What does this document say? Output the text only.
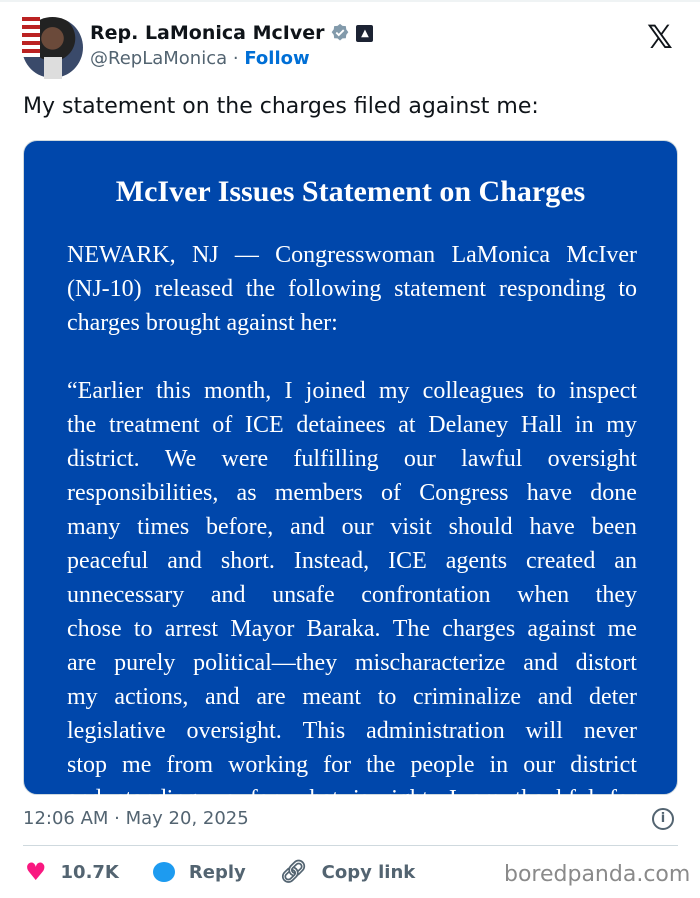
Rep. LaMonica McIver	▲
@RepLaMonica · Follow
𝕏
My statement on the charges filed against me:
McIver Issues Statement on Charges
NEWARK, NJ — Congresswoman LaMonica McIver
(NJ-10) released the following statement responding to
charges brought against her:
“Earlier this month, I joined my colleagues to inspect
the treatment of ICE detainees at Delaney Hall in my
district. We were fulfilling our lawful oversight
responsibilities, as members of Congress have done
many times before, and our visit should have been
peaceful and short. Instead, ICE agents created an
unnecessary and unsafe confrontation when they
chose to arrest Mayor Baraka. The charges against me
are purely political—they mischaracterize and distort
my actions, and are meant to criminalize and deter
legislative oversight. This administration will never
stop me from working for the people in our district
and standing up for what is right. I am thankful for
12:06 AM · May 20, 2025	i
♥ 10.7K	Reply 🔗︎ Copy link	boredpanda.com
